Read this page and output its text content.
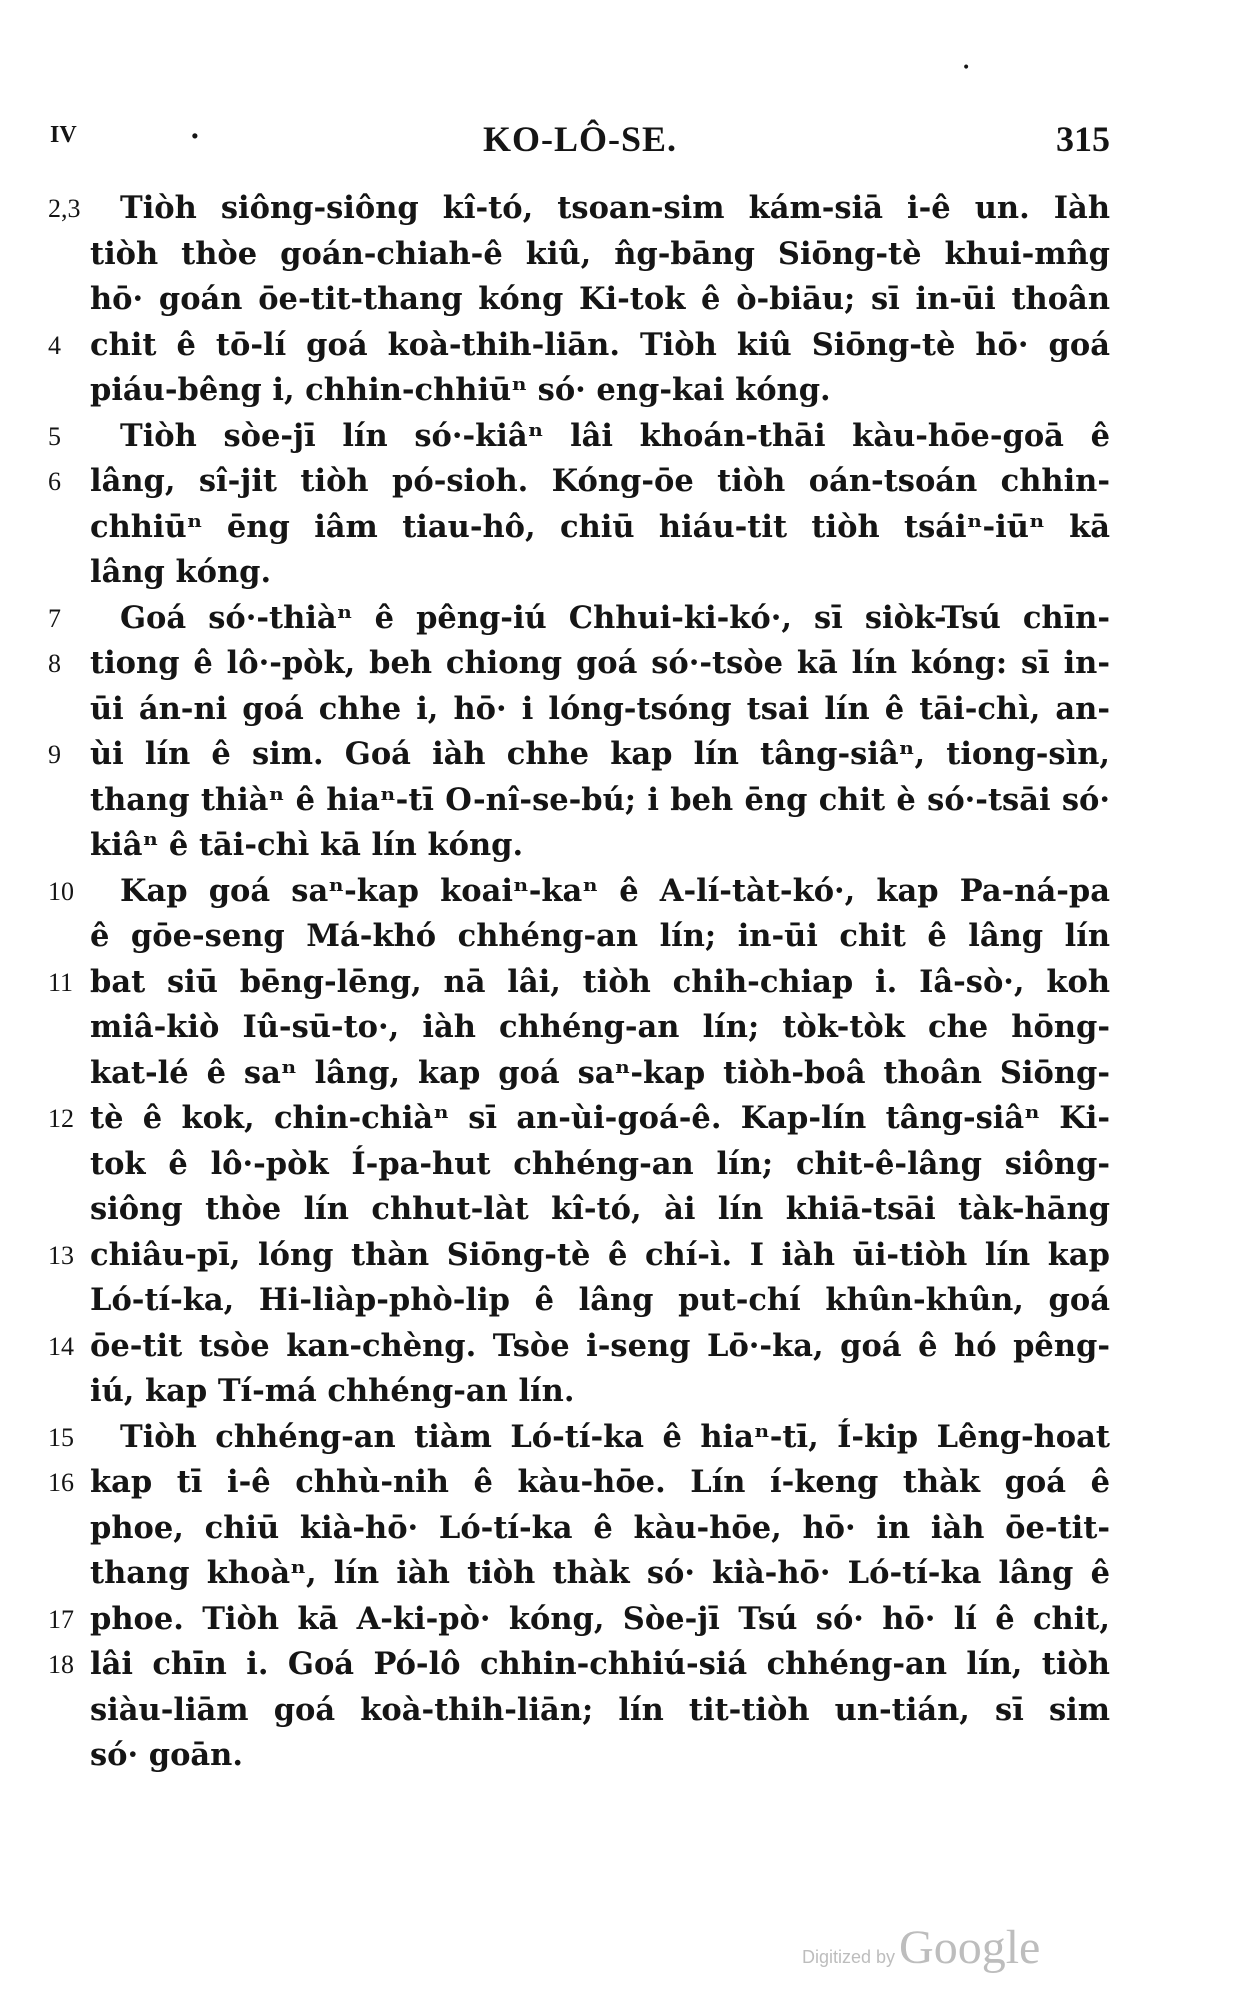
•
IV	.	KO-LÔ-SE.	315
2,3	Tiòh siông-siông kî-tó, tsoan-sim kám-siā i-ê un. Iàh
tiòh thòe goán-chiah-ê kiû, n̂g-bāng Siōng-tè khui-mn̂g
hō· goán ōe-tit-thang kóng Ki-tok ê ò-biāu; sī in-ūi thoân
4 chit ê tō-lí goá koà-thih-liān. Tiòh kiû Siōng-tè hō· goá
piáu-bêng i, chhin-chhiūⁿ só· eng-kai kóng.
5	Tiòh sòe-jī lín só·-kiâⁿ lâi khoán-thāi kàu-hōe-goā ê
6 lâng, sî-jit tiòh pó-sioh. Kóng-ōe tiòh oán-tsoán chhin-
chhiūⁿ ēng iâm tiau-hô, chiū hiáu-tit tiòh tsáiⁿ-iūⁿ kā
lâng kóng.
7	Goá só·-thiàⁿ ê pêng-iú Chhui-ki-kó·, sī siòk-Tsú chīn-
8 tiong ê lô·-pòk, beh chiong goá só·-tsòe kā lín kóng: sī in-
ūi án-ni goá chhe i, hō· i lóng-tsóng tsai lín ê tāi-chì, an-
9 ùi lín ê sim. Goá iàh chhe kap lín tâng-siâⁿ, tiong-sìn,
thang thiàⁿ ê hiaⁿ-tī O-nî-se-bú; i beh ēng chit è só·-tsāi só·
kiâⁿ ê tāi-chì kā lín kóng.
10	Kap goá saⁿ-kap koaiⁿ-kaⁿ ê A-lí-tàt-kó·, kap Pa-ná-pa
ê gōe-seng Má-khó chhéng-an lín; in-ūi chit ê lâng lín
11 bat siū bēng-lēng, nā lâi, tiòh chih-chiap i. Iâ-sò·, koh
miâ-kiò Iû-sū-to·, iàh chhéng-an lín; tòk-tòk che hōng-
kat-lé ê saⁿ lâng, kap goá saⁿ-kap tiòh-boâ thoân Siōng-
12 tè ê kok, chin-chiàⁿ sī an-ùi-goá-ê. Kap-lín tâng-siâⁿ Ki-
tok ê lô·-pòk Í-pa-hut chhéng-an lín; chit-ê-lâng siông-
siông thòe lín chhut-làt kî-tó, ài lín khiā-tsāi tàk-hāng
13 chiâu-pī, lóng thàn Siōng-tè ê chí-ì. I iàh ūi-tiòh lín kap
Ló-tí-ka, Hi-liàp-phò-lip ê lâng put-chí khûn-khûn, goá
14 ōe-tit tsòe kan-chèng. Tsòe i-seng Lō·-ka, goá ê hó pêng-
iú, kap Tí-má chhéng-an lín.
15	Tiòh chhéng-an tiàm Ló-tí-ka ê hiaⁿ-tī, Í-kip Lêng-hoat
16 kap tī i-ê chhù-nih ê kàu-hōe. Lín í-keng thàk goá ê
phoe, chiū kià-hō· Ló-tí-ka ê kàu-hōe, hō· in iàh ōe-tit-
thang khoàⁿ, lín iàh tiòh thàk só· kià-hō· Ló-tí-ka lâng ê
17 phoe. Tiòh kā A-ki-pò· kóng, Sòe-jī Tsú só· hō· lí ê chit,
18 lâi chīn i. Goá Pó-lô chhin-chhiú-siá chhéng-an lín, tiòh
siàu-liām goá koà-thih-liān; lín tit-tiòh un-tián, sī sim
só· goān.
Digitized by Google
